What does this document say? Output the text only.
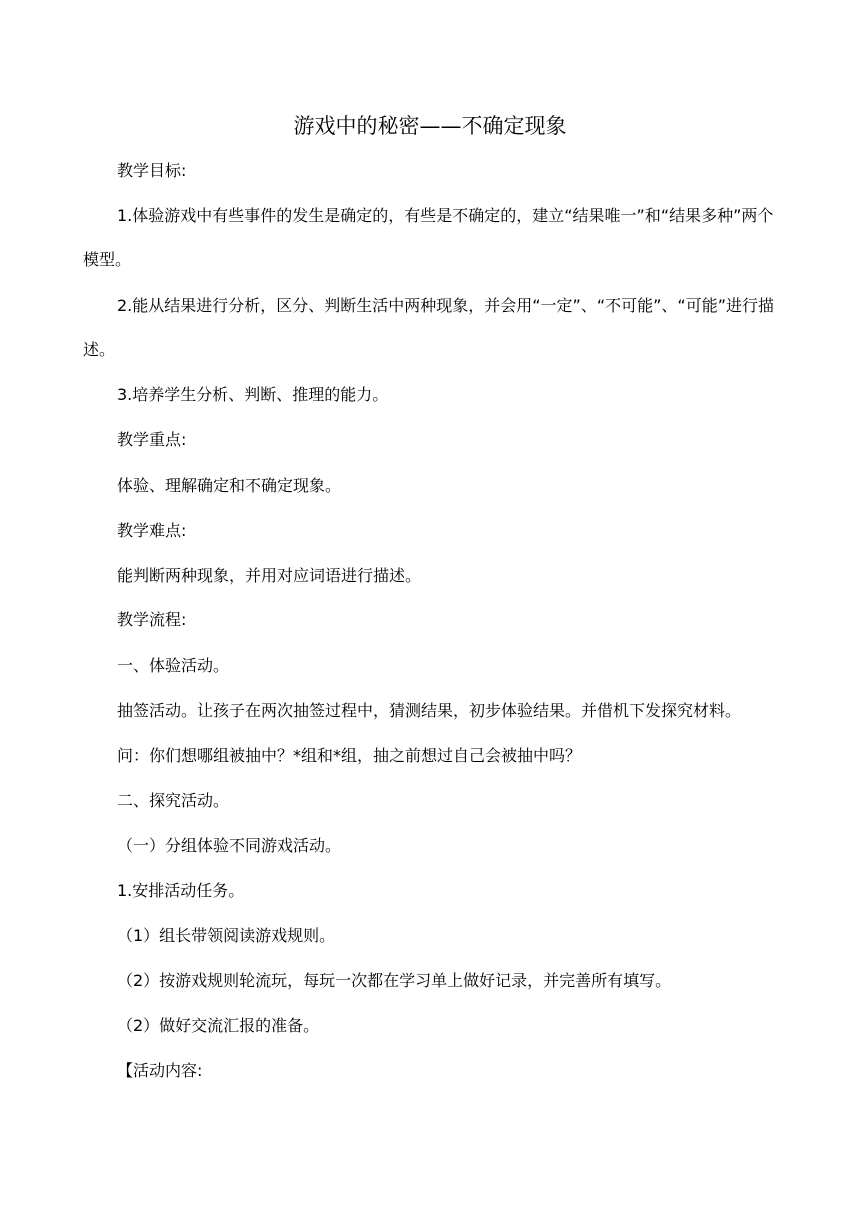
游戏中的秘密——不确定现象
教学目标:
1.体验游戏中有些事件的发生是确定的，有些是不确定的，建立“结果唯一”和“结果多种”两个模型。
2.能从结果进行分析，区分、判断生活中两种现象，并会用“一定”、“不可能”、“可能”进行描述。
3.培养学生分析、判断、推理的能力。
教学重点:
体验、理解确定和不确定现象。
教学难点:
能判断两种现象，并用对应词语进行描述。
教学流程:
一、体验活动。
抽签活动。让孩子在两次抽签过程中，猜测结果，初步体验结果。并借机下发探究材料。
问：你们想哪组被抽中？*组和*组，抽之前想过自己会被抽中吗？
二、探究活动。
（一）分组体验不同游戏活动。
1.安排活动任务。
（1）组长带领阅读游戏规则。
（2）按游戏规则轮流玩，每玩一次都在学习单上做好记录，并完善所有填写。
（2）做好交流汇报的准备。
【活动内容:
